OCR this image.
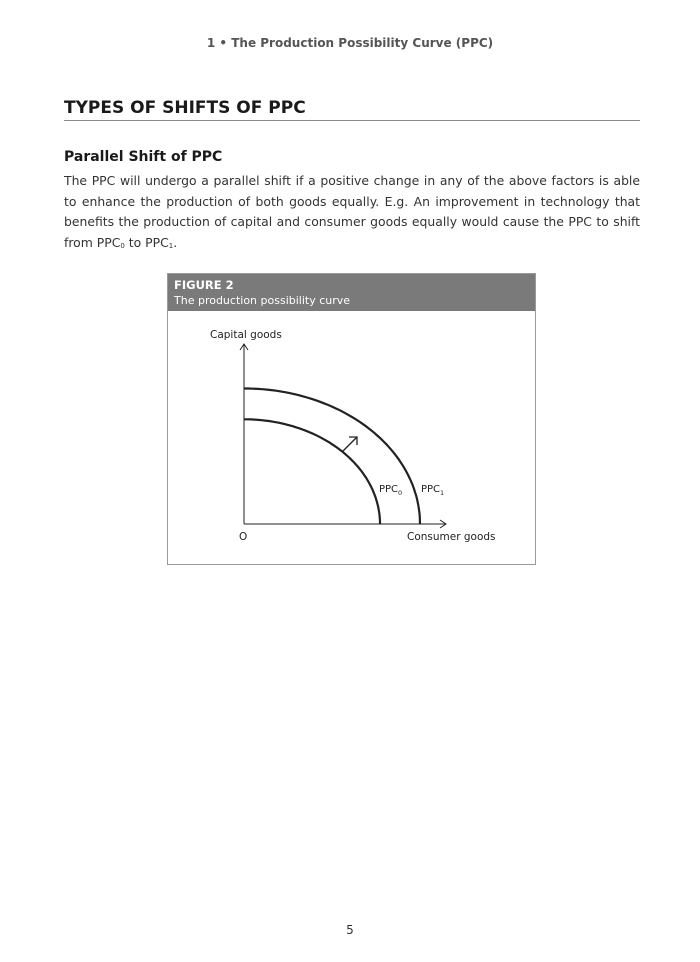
1 • The Production Possibility Curve (PPC)
TYPES OF SHIFTS OF PPC
Parallel Shift of PPC

The PPC will undergo a parallel shift if a positive change in any of the above factors is able to enhance the production of both goods equally. E.g. An improvement in technology that benefits the production of capital and consumer goods equally would cause the PPC to shift from $PPC_0$ to $PPC_1$.

FIGURE 2
The production possibility curve
Capital goods
Consumer goods
O
$PPC_0$ $PPC_1$
5
